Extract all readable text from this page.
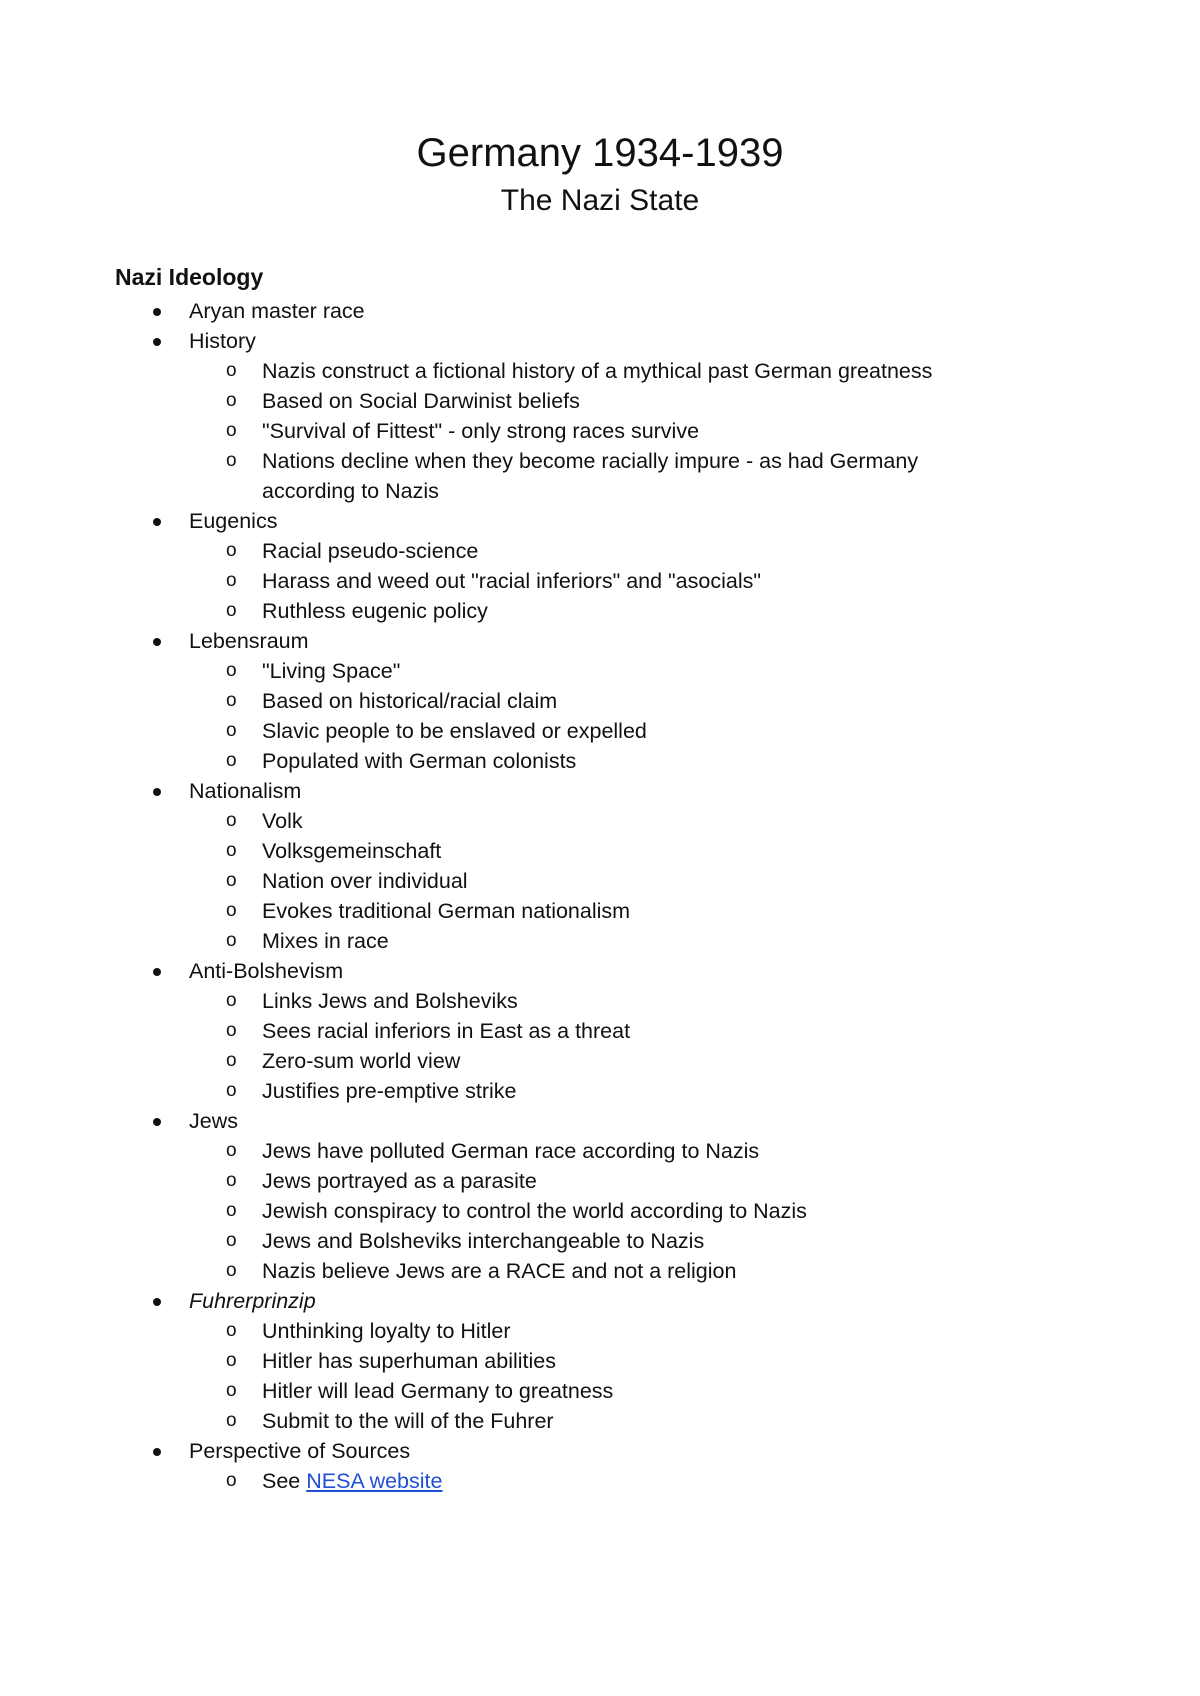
Germany 1934-1939
The Nazi State
Nazi Ideology
Aryan master race
History
o Nazis construct a fictional history of a mythical past German greatness
o Based on Social Darwinist beliefs
o "Survival of Fittest" - only strong races survive
o Nations decline when they become racially impure - as had Germany according to Nazis
Eugenics
o Racial pseudo-science
o Harass and weed out "racial inferiors" and "asocials"
o Ruthless eugenic policy
Lebensraum
o "Living Space"
o Based on historical/racial claim
o Slavic people to be enslaved or expelled
o Populated with German colonists
Nationalism
o Volk
o Volksgemeinschaft
o Nation over individual
o Evokes traditional German nationalism
o Mixes in race
Anti-Bolshevism
o Links Jews and Bolsheviks
o Sees racial inferiors in East as a threat
o Zero-sum world view
o Justifies pre-emptive strike
Jews
o Jews have polluted German race according to Nazis
o Jews portrayed as a parasite
o Jewish conspiracy to control the world according to Nazis
o Jews and Bolsheviks interchangeable to Nazis
o Nazis believe Jews are a RACE and not a religion
Fuhrerprinzip
o Unthinking loyalty to Hitler
o Hitler has superhuman abilities
o Hitler will lead Germany to greatness
o Submit to the will of the Fuhrer
Perspective of Sources
o See NESA website
